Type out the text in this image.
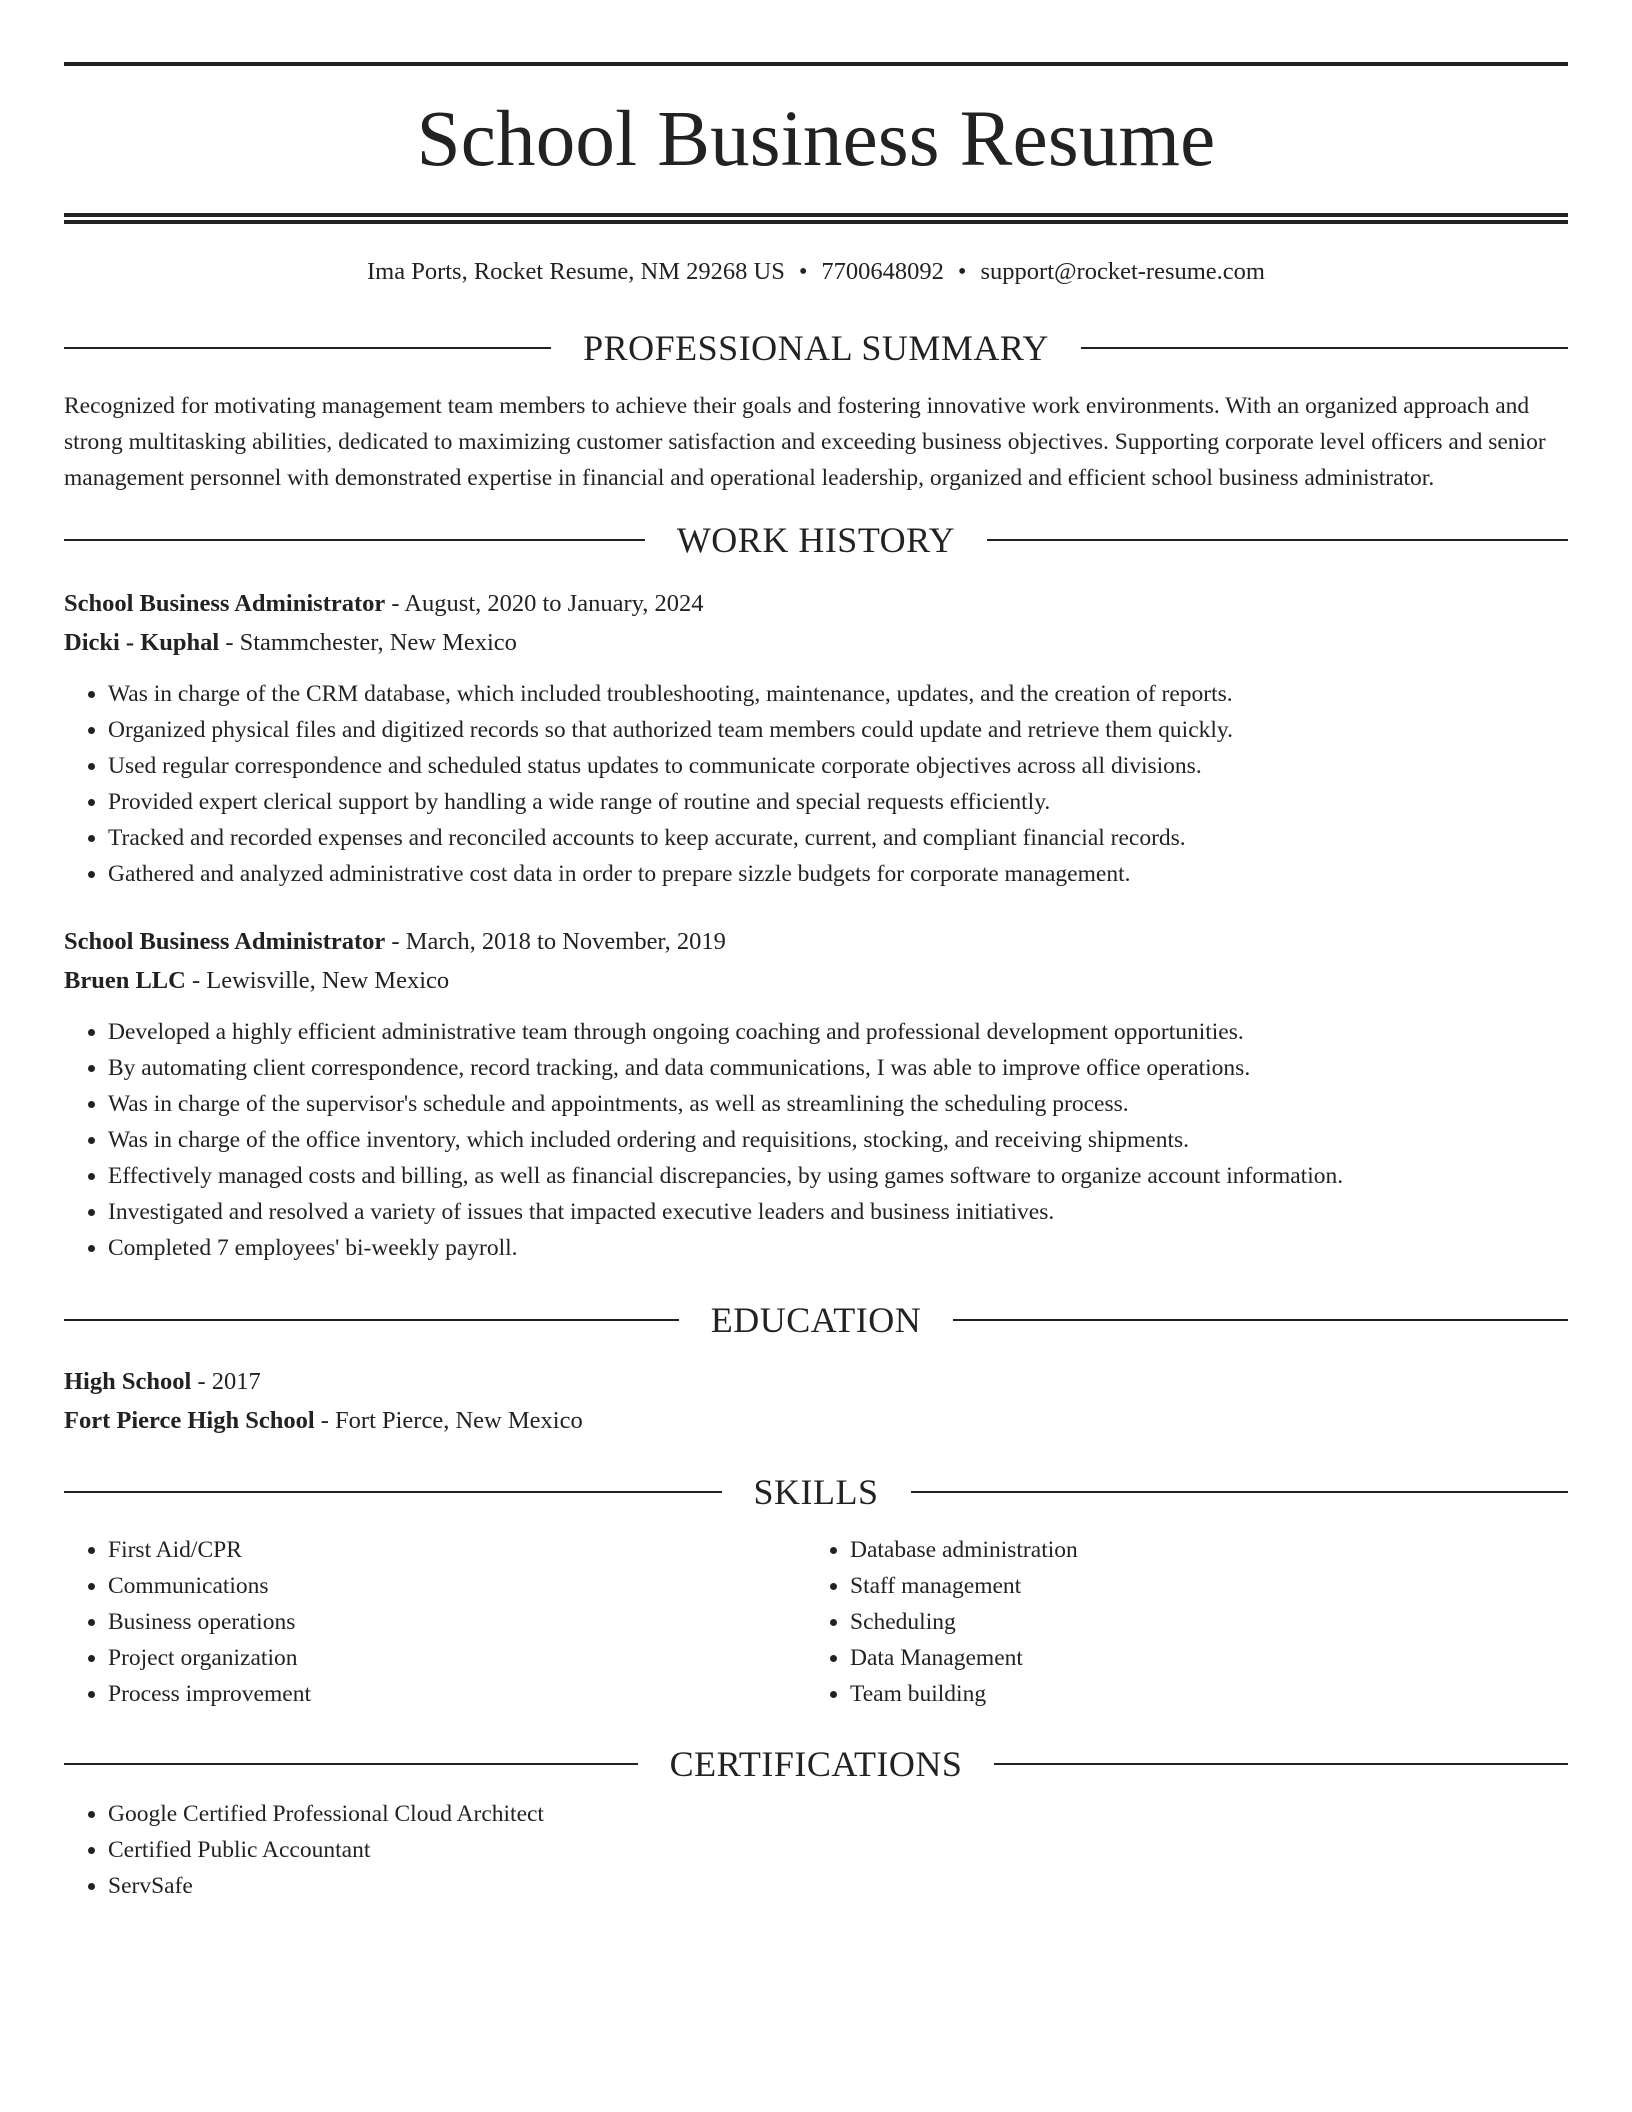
School Business Resume
Ima Ports, Rocket Resume, NM 29268 US • 7700648092 • support@rocket-resume.com
PROFESSIONAL SUMMARY
Recognized for motivating management team members to achieve their goals and fostering innovative work environments. With an organized approach and strong multitasking abilities, dedicated to maximizing customer satisfaction and exceeding business objectives. Supporting corporate level officers and senior management personnel with demonstrated expertise in financial and operational leadership, organized and efficient school business administrator.
WORK HISTORY
School Business Administrator - August, 2020 to January, 2024
Dicki - Kuphal - Stammchester, New Mexico
• Was in charge of the CRM database, which included troubleshooting, maintenance, updates, and the creation of reports.
• Organized physical files and digitized records so that authorized team members could update and retrieve them quickly.
• Used regular correspondence and scheduled status updates to communicate corporate objectives across all divisions.
• Provided expert clerical support by handling a wide range of routine and special requests efficiently.
• Tracked and recorded expenses and reconciled accounts to keep accurate, current, and compliant financial records.
• Gathered and analyzed administrative cost data in order to prepare sizzle budgets for corporate management.
School Business Administrator - March, 2018 to November, 2019
Bruen LLC - Lewisville, New Mexico
• Developed a highly efficient administrative team through ongoing coaching and professional development opportunities.
• By automating client correspondence, record tracking, and data communications, I was able to improve office operations.
• Was in charge of the supervisor's schedule and appointments, as well as streamlining the scheduling process.
• Was in charge of the office inventory, which included ordering and requisitions, stocking, and receiving shipments.
• Effectively managed costs and billing, as well as financial discrepancies, by using games software to organize account information.
• Investigated and resolved a variety of issues that impacted executive leaders and business initiatives.
• Completed 7 employees' bi-weekly payroll.
EDUCATION
High School - 2017
Fort Pierce High School - Fort Pierce, New Mexico
SKILLS
• First Aid/CPR
• Communications
• Business operations
• Project organization
• Process improvement
• Database administration
• Staff management
• Scheduling
• Data Management
• Team building
CERTIFICATIONS
• Google Certified Professional Cloud Architect
• Certified Public Accountant
• ServSafe
